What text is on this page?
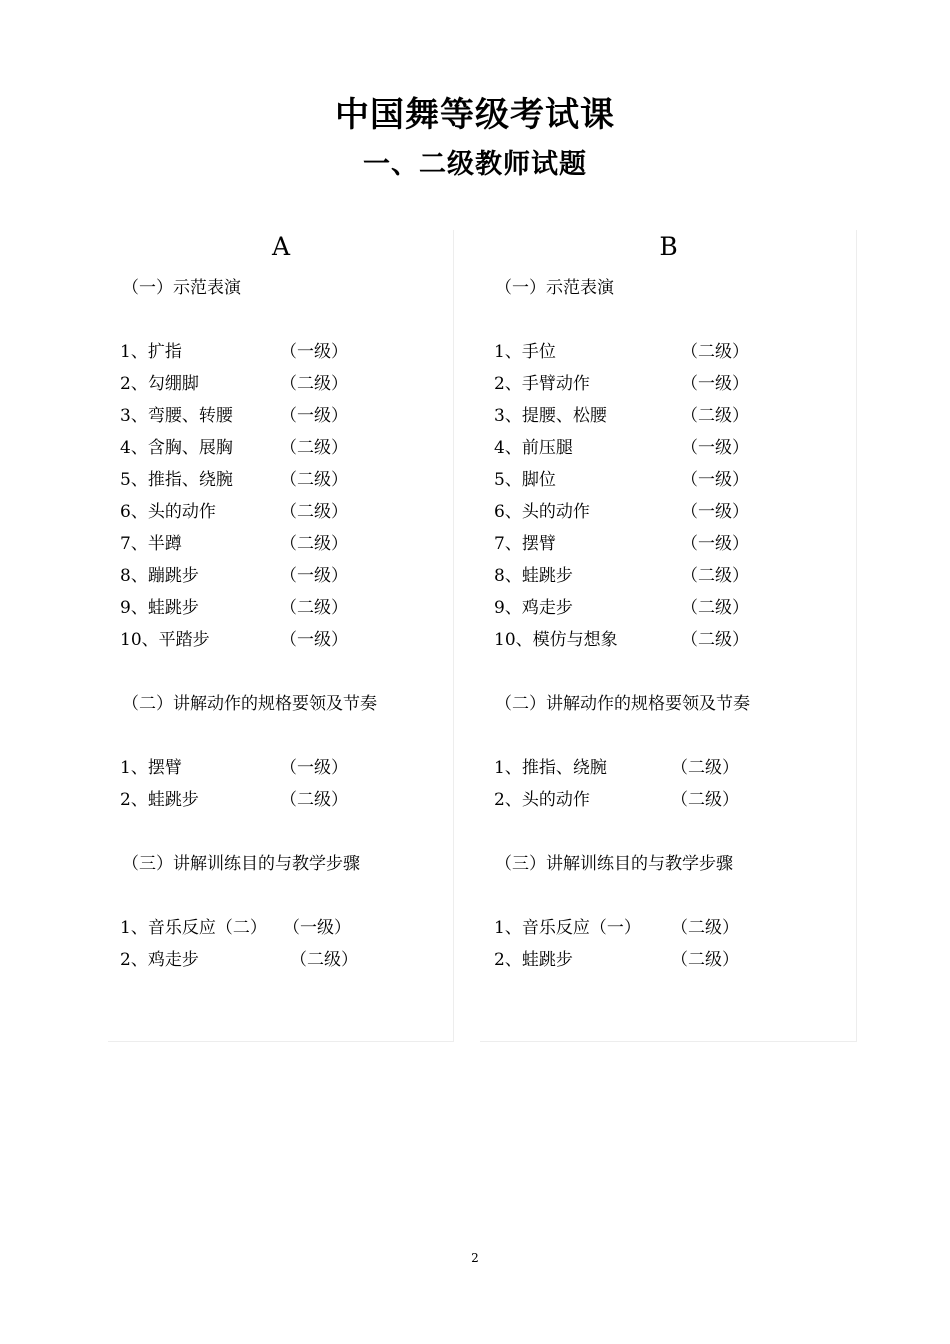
中国舞等级考试课
一、二级教师试题
A
（一）示范表演
1、扩指	（一级）
2、勾绷脚	（二级）
3、弯腰、转腰	（一级）
4、含胸、展胸	（二级）
5、推指、绕腕	（二级）
6、头的动作	（二级）
7、半蹲	（二级）
8、蹦跳步	（一级）
9、蛙跳步	（二级）
10、平踏步	（一级）
（二）讲解动作的规格要领及节奏
1、摆臂	（一级）
2、蛙跳步	（二级）
（三）讲解训练目的与教学步骤
1、音乐反应（二） （一级）
2、鸡走步	（二级）
B
（一）示范表演
1、手位	（二级）
2、手臂动作	（一级）
3、提腰、松腰	（二级）
4、前压腿	（一级）
5、脚位	（一级）
6、头的动作	（一级）
7、摆臂	（一级）
8、蛙跳步	（二级）
9、鸡走步	（二级）
10、模仿与想象	（二级）
（二）讲解动作的规格要领及节奏
1、推指、绕腕	（二级）
2、头的动作	（二级）
（三）讲解训练目的与教学步骤
1、音乐反应（一） （二级）
2、蛙跳步	（二级）
2
